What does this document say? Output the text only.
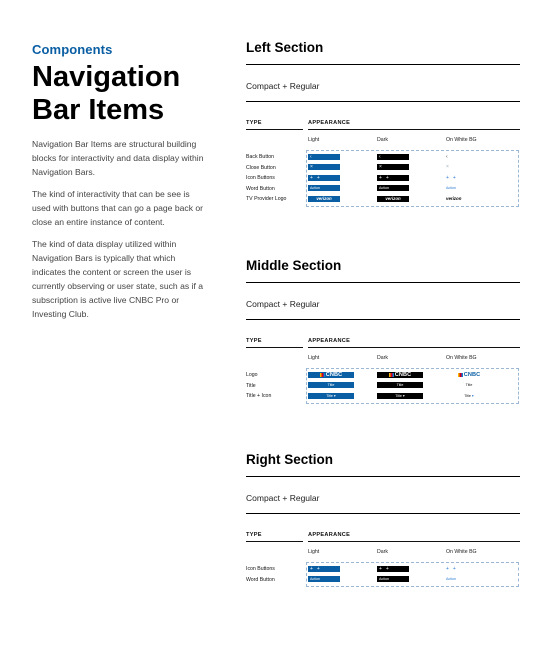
Components

Navigation
Bar Items

Navigation Bar Items are structural building blocks for interactivity and data display within Navigation Bars.

The kind of interactivity that can be see is used with buttons that can go a page back or close an entire instance of content.

The kind of data display utilized within Navigation Bars is typically that which indicates the content or screen the user is currently observing or user state, such as if a subscription is active live CNBC Pro or Investing Club.

Left Section
Compact + Regular
TYPE	APPEARANCE
Light	Dark	On White BG
Back Button	‹	‹	‹
Close Button	×	×	×
Icon Buttons	+ +	+ +	+ +
Word Button	Action	Action	Action
TV Provider Logo	verizon	verizon	verizon
Middle Section
Compact + Regular
TYPE	APPEARANCE
Light	Dark	On White BG
Logo	CNBC	CNBC	CNBC
Title	Title	Title	Title
Title + Icon	Title ▾	Title ▾	Title ▾
Right Section
Compact + Regular
TYPE	APPEARANCE
Light	Dark	On White BG
Icon Buttons	+ +	+ +	+ +
Word Button	Action	Action	Action
